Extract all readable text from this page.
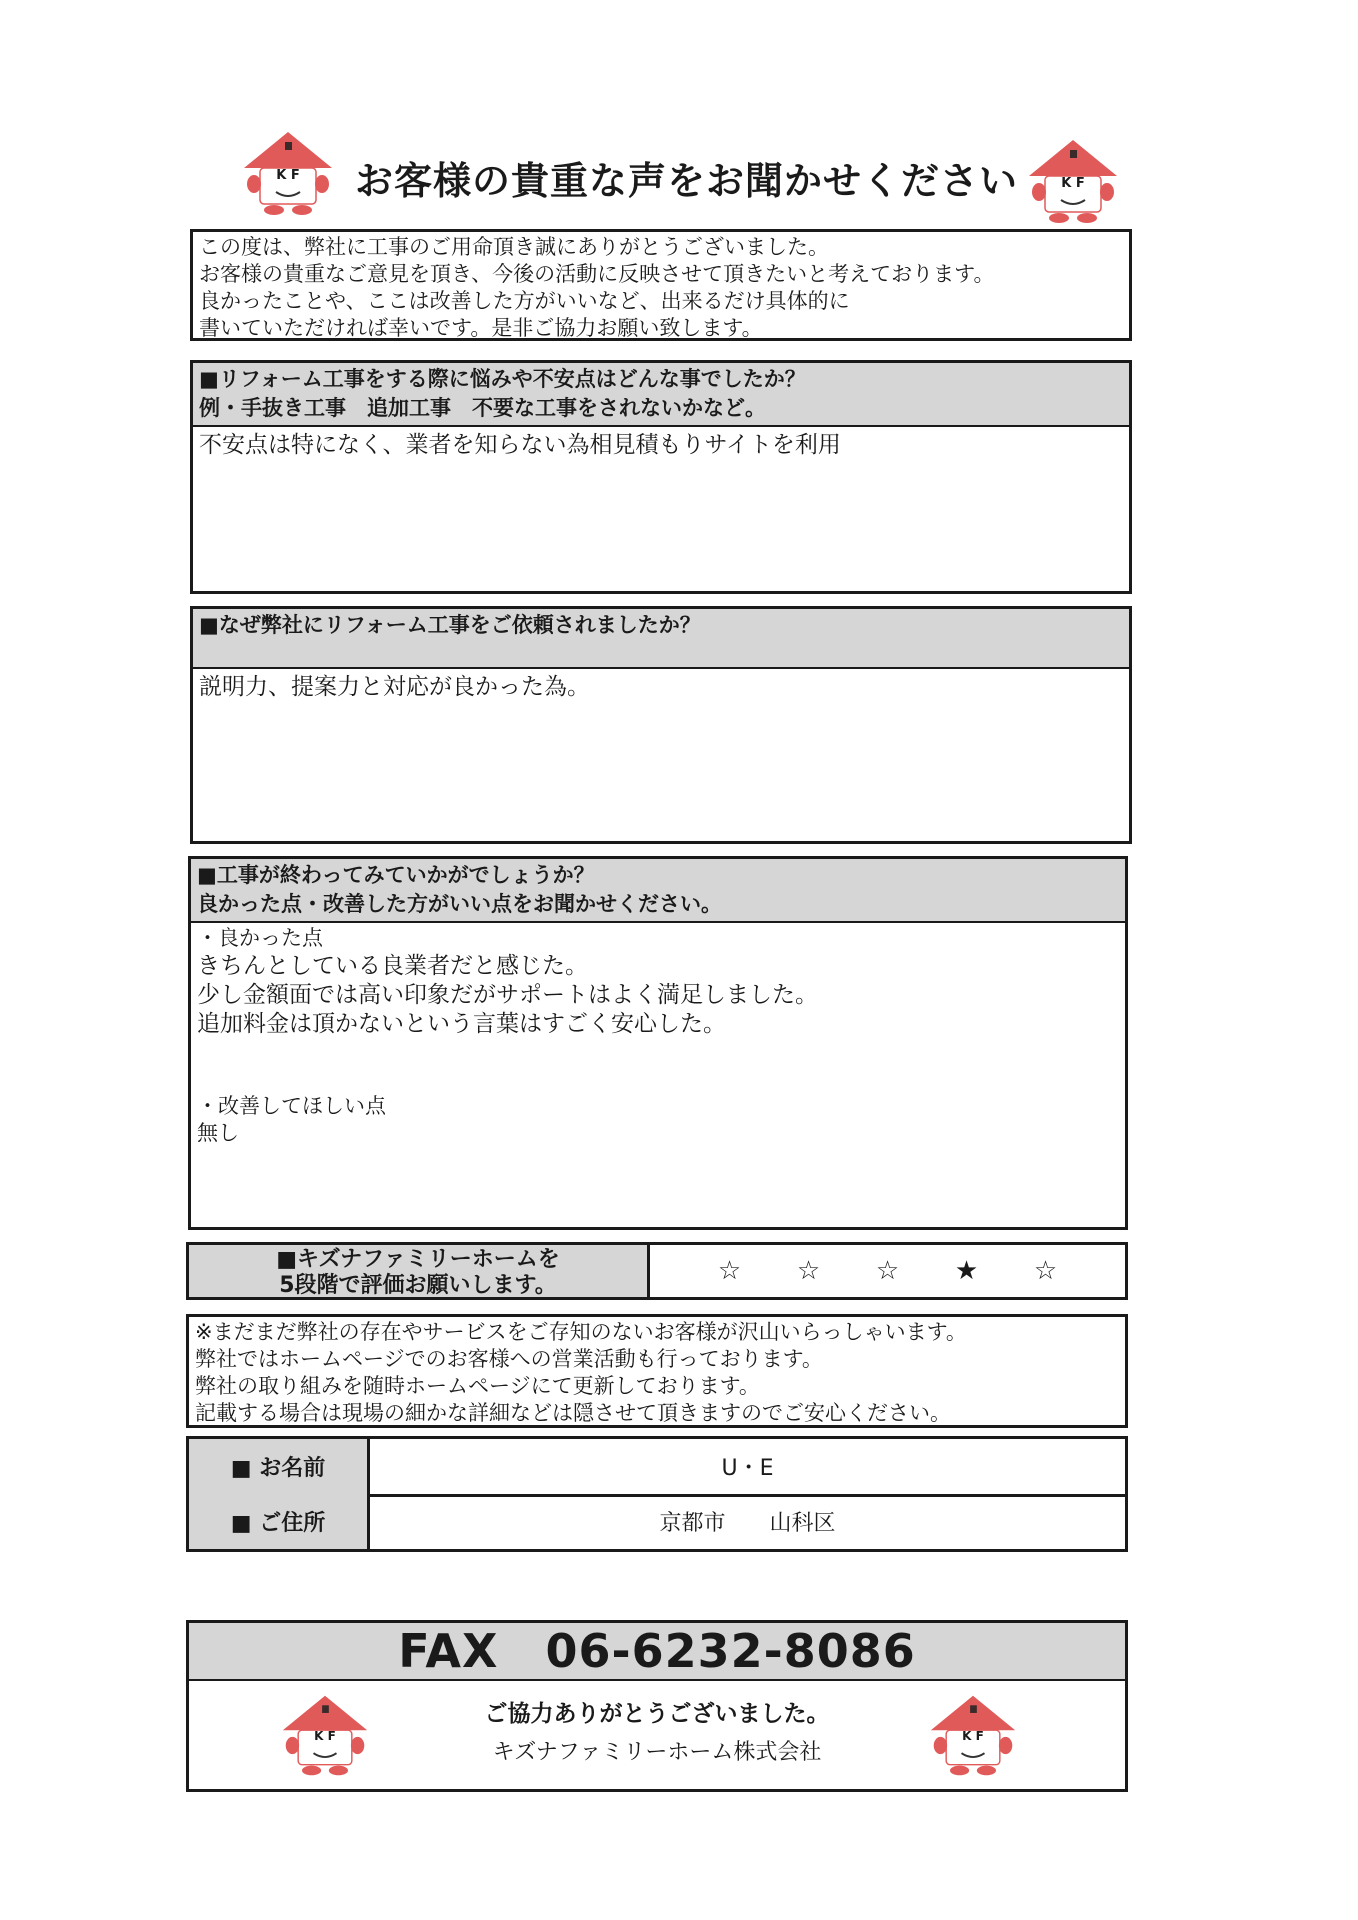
K F	お客様の貴重な声をお聞かせください	K F
この度は、弊社に工事のご用命頂き誠にありがとうございました。
お客様の貴重なご意見を頂き、今後の活動に反映させて頂きたいと考えております。
良かったことや、ここは改善した方がいいなど、出来るだけ具体的に
書いていただければ幸いです。是非ご協力お願い致します。
■リフォーム工事をする際に悩みや不安点はどんな事でしたか？
例・手抜き工事　追加工事　不要な工事をされないかなど。
不安点は特になく、業者を知らない為相見積もりサイトを利用
■なぜ弊社にリフォーム工事をご依頼されましたか？
説明力、提案力と対応が良かった為。
■工事が終わってみていかがでしょうか？
良かった点・改善した方がいい点をお聞かせください。
・良かった点
きちんとしている良業者だと感じた。
少し金額面では高い印象だがサポートはよく満足しました。
追加料金は頂かないという言葉はすごく安心した。
・改善してほしい点
無し
■キズナファミリーホームを
5段階で評価お願いします。	☆ ☆ ☆ ★ ☆
※まだまだ弊社の存在やサービスをご存知のないお客様が沢山いらっしゃいます。
弊社ではホームページでのお客様への営業活動も行っております。
弊社の取り組みを随時ホームページにて更新しております。
記載する場合は現場の細かな詳細などは隠させて頂きますのでご安心ください。
■ お名前	U・E
■ ご住所	京都市　　山科区
FAX　06-6232-8086
K F
ご協力ありがとうございました。
キズナファミリーホーム株式会社
K F
